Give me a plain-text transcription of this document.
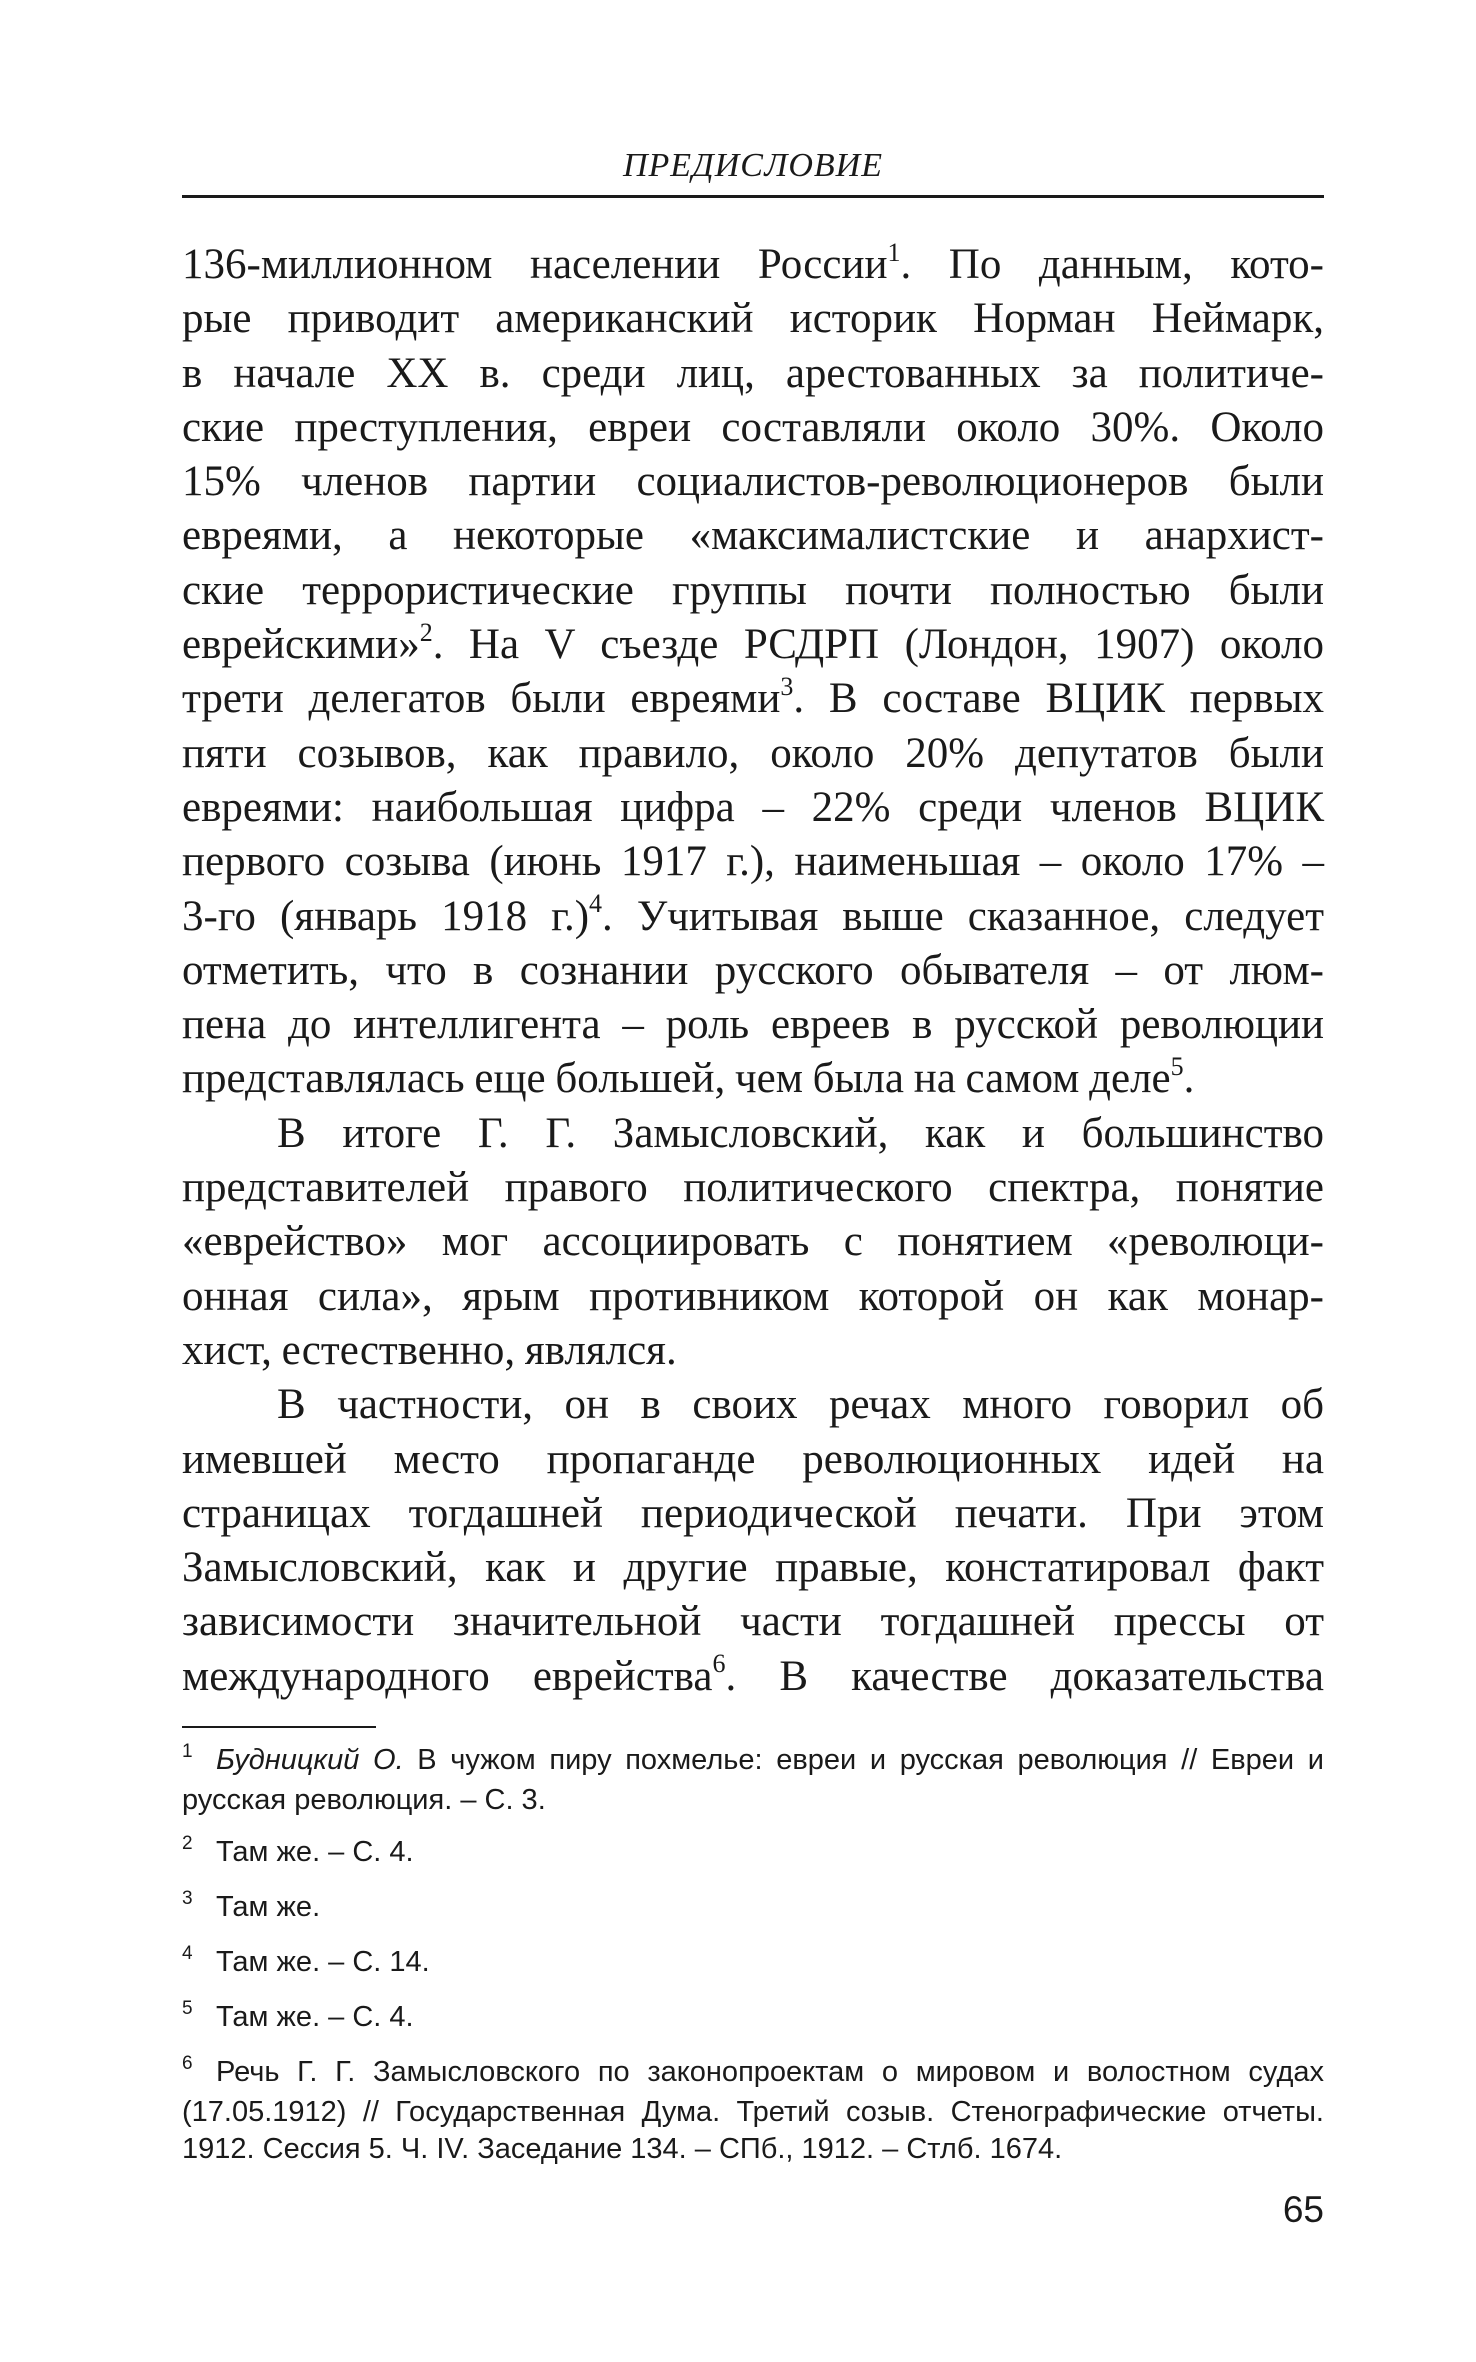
ПРЕДИСЛОВИЕ

136-миллионном населении России$^1$. По данным, кото-

рые приводит американский историк Норман Неймарк,

в начале XX в. среди лиц, арестованных за политиче-

ские преступления, евреи составляли около 30%. Около

15% членов партии социалистов-революционеров были

евреями, а некоторые «максималистские и анархист-

ские террористические группы почти полностью были

еврейскими»$^2$. На V съезде РСДРП (Лондон, 1907) около

трети делегатов были евреями$^3$. В составе ВЦИК первых

пяти созывов, как правило, около 20% депутатов были

евреями: наибольшая цифра – 22% среди членов ВЦИК

первого созыва (июнь 1917 г.), наименьшая – около 17% –

3-го (январь 1918 г.)$^4$. Учитывая выше сказанное, следует

отметить, что в сознании русского обывателя – от люм-

пена до интеллигента – роль евреев в русской революции

представлялась еще большей, чем была на самом деле$^5$.

В итоге Г. Г. Замысловский, как и большинство

представителей правого политического спектра, понятие

«еврейство» мог ассоциировать с понятием «революци-

онная сила», ярым противником которой он как монар-

хист, естественно, являлся.

В частности, он в своих речах много говорил об

имевшей место пропаганде революционных идей на

страницах тогдашней периодической печати. При этом

Замысловский, как и другие правые, констатировал факт

зависимости значительной части тогдашней прессы от

международного еврейства$^6$. В качестве доказательства

1 Будницкий О. В чужом пиру похмелье: евреи и русская революция // Евреи и русская революция. – С. 3.

2 Там же. – С. 4.

3 Там же.

4 Там же. – С. 14.

5 Там же. – С. 4.

6 Речь Г. Г. Замысловского по законопроектам о мировом и волостном судах (17.05.1912) // Государственная Дума. Третий созыв. Стенографические отчеты. 1912. Сессия 5. Ч. IV. Заседание 134. – СПб., 1912. – Стлб. 1674.

65
